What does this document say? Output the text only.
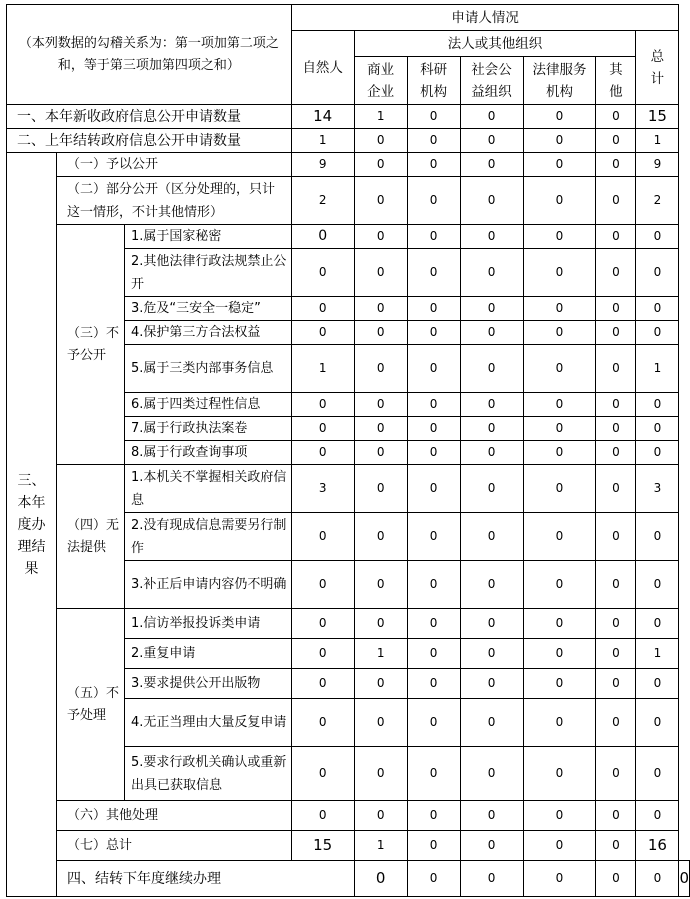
（本列数据的勾稽关系为：第一项加第二项之和，等于第三项加第四项之和）			申请人情况							
			自然人	法人或其他组织					总计	
				商业企业	科研机构	社会公益组织	法律服务机构	其他		
一、本年新收政府信息公开申请数量			14	1	0	0	0	0	15	
二、上年结转政府信息公开申请数量			1	0	0	0	0	0	1	
三、本年度办理结果	（一）予以公开		9	0	0	0	0	0	9	
	（二）部分公开（区分处理的，只计这一情形，不计其他情形）		2	0	0	0	0	0	2	
	（三）不予公开	1.属于国家秘密	0	0	0	0	0	0	0	
		2.其他法律行政法规禁止公开	0	0	0	0	0	0	0	
		3.危及“三安全一稳定”	0	0	0	0	0	0	0	
		4.保护第三方合法权益	0	0	0	0	0	0	0	
		5.属于三类内部事务信息	1	0	0	0	0	0	1	
		6.属于四类过程性信息	0	0	0	0	0	0	0	
		7.属于行政执法案卷	0	0	0	0	0	0	0	
		8.属于行政查询事项	0	0	0	0	0	0	0	
	（四）无法提供	1.本机关不掌握相关政府信息	3	0	0	0	0	0	3	
		2.没有现成信息需要另行制作	0	0	0	0	0	0	0	
		3.补正后申请内容仍不明确	0	0	0	0	0	0	0	
	（五）不予处理	1.信访举报投诉类申请	0	0	0	0	0	0	0	
		2.重复申请	0	1	0	0	0	0	1	
		3.要求提供公开出版物	0	0	0	0	0	0	0	
		4.无正当理由大量反复申请	0	0	0	0	0	0	0	
		5.要求行政机关确认或重新出具已获取信息	0	0	0	0	0	0	0	
	（六）其他处理		0	0	0	0	0	0	0	
	（七）总计		15	1	0	0	0	0	16	
	四、结转下年度继续办理			0	0	0	0	0	0	0
